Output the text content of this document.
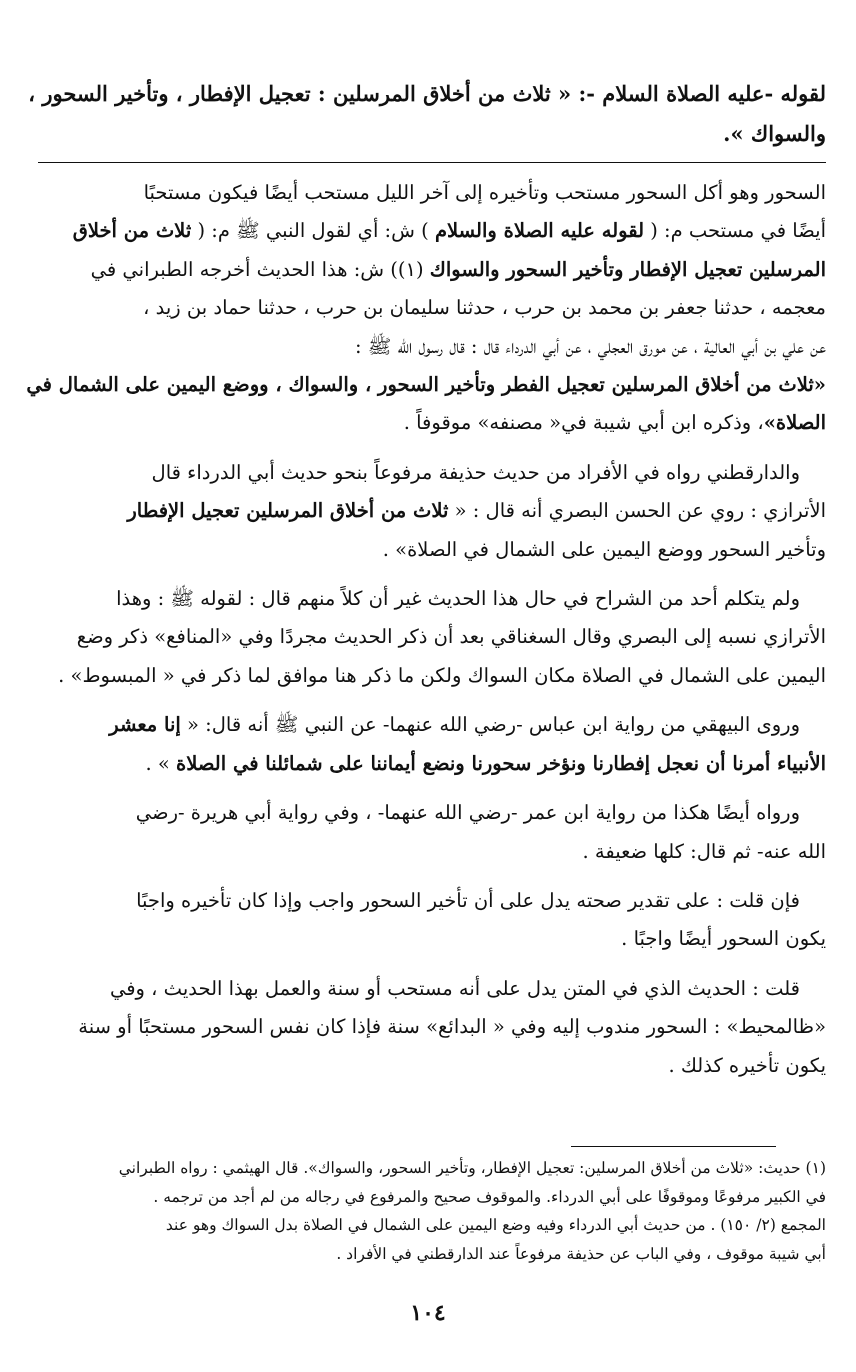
لقوله -عليه الصلاة السلام -: « ثلاث من أخلاق المرسلين : تعجيل الإفطار ، وتأخير السحور ،
والسواك ».
السحور وهو أكل السحور مستحب وتأخيره إلى آخر الليل مستحب أيضًا فيكون مستحبًا
أيضًا في مستحب م: ( لقوله عليه الصلاة والسلام ) ش: أي لقول النبي ﷺ م: ( ثلاث من أخلاق
المرسلين تعجيل الإفطار وتأخير السحور والسواك (١)) ش: هذا الحديث أخرجه الطبراني في
معجمه ، حدثنا جعفر بن محمد بن حرب ، حدثنا سليمان بن حرب ، حدثنا حماد بن زيد ،
عن علي بن أبي العالية ، عن مورق العجلي ، عن أبي الدرداء قال : قال رسول الله ﷺ :
«ثلاث من أخلاق المرسلين تعجيل الفطر وتأخير السحور ، والسواك ، ووضع اليمين على الشمال في
الصلاة»، وذكره ابن أبي شيبة في« مصنفه» موقوفاً .
والدارقطني رواه في الأفراد من حديث حذيفة مرفوعاً بنحو حديث أبي الدرداء قال
الأترازي : روي عن الحسن البصري أنه قال : « ثلاث من أخلاق المرسلين تعجيل الإفطار
وتأخير السحور ووضع اليمين على الشمال في الصلاة» .
ولم يتكلم أحد من الشراح في حال هذا الحديث غير أن كلاً منهم قال : لقوله ﷺ : وهذا
الأترازي نسبه إلى البصري وقال السغناقي بعد أن ذكر الحديث مجردًا وفي «المنافع» ذكر وضع
اليمين على الشمال في الصلاة مكان السواك ولكن ما ذكر هنا موافق لما ذكر في « المبسوط» .
وروى البيهقي من رواية ابن عباس -رضي الله عنهما- عن النبي ﷺ أنه قال: « إنا معشر
الأنبياء أمرنا أن نعجل إفطارنا ونؤخر سحورنا ونضع أيماننا على شمائلنا في الصلاة » .
ورواه أيضًا هكذا من رواية ابن عمر -رضي الله عنهما- ، وفي رواية أبي هريرة -رضي
الله عنه- ثم قال: كلها ضعيفة .
فإن قلت : على تقدير صحته يدل على أن تأخير السحور واجب وإذا كان تأخيره واجبًا
يكون السحور أيضًا واجبًا .
قلت : الحديث الذي في المتن يدل على أنه مستحب أو سنة والعمل بهذا الحديث ، وفي
«ظالمحيط» : السحور مندوب إليه وفي « البدائع» سنة فإذا كان نفس السحور مستحبًا أو سنة
يكون تأخيره كذلك .
(١) حديث: «ثلاث من أخلاق المرسلين: تعجيل الإفطار، وتأخير السحور، والسواك». قال الهيثمي : رواه الطبراني
في الكبير مرفوعًا وموقوفًا على أبي الدرداء. والموقوف صحيح والمرفوع في رجاله من لم أجد من ترجمه .
المجمع (٢/ ١٥٠) . من حديث أبي الدرداء وفيه وضع اليمين على الشمال في الصلاة بدل السواك وهو عند
أبي شيبة موقوف ، وفي الباب عن حذيفة مرفوعاً عند الدارقطني في الأفراد .
١٠٤
